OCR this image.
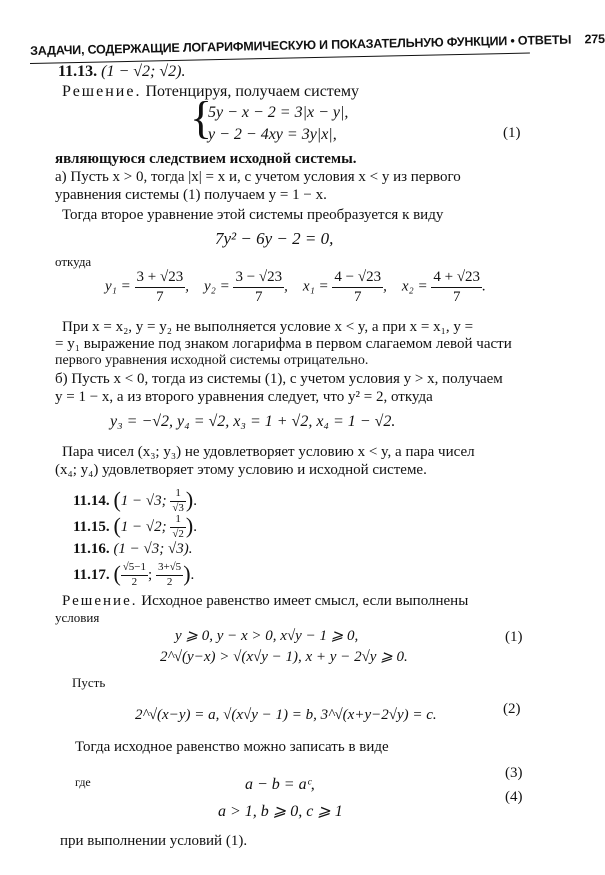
ЗАДАЧИ, СОДЕРЖАЩИЕ ЛОГАРИФМИЧЕСКУЮ И ПОКАЗАТЕЛЬНУЮ ФУНКЦИИ • ОТВЕТЫ 275
11.13. (1 − √2; √2).
Решение. Потенцируя, получаем систему
{
5y − x − 2 = 3|x − y|,
y − 2 − 4xy = 3y|x|,	(1)
являющуюся следствием исходной системы.
а) Пусть x > 0, тогда |x| = x и, с учетом условия x < y из первого
уравнения системы (1) получаем y = 1 − x.
Тогда второе уравнение этой системы преобразуется к виду
7y² − 6y − 2 = 0,
откуда
$y_1 = \frac{3 + √23}{7}$ ,    $y_2 = \frac{3 - √23}{7}$ ,    $x_1 = \frac{4 - √23}{7}$ ,    $x_2 = \frac{4 + √23}{7}$ .
При x = x₂, y = y₂ не выполняется условие x < y, а при x = x₁, y =
= y₁ выражение под знаком логарифма в первом слагаемом левой части
первого уравнения исходной системы отрицательно.
б) Пусть x < 0, тогда из системы (1), с учетом условия y > x, получаем
y = 1 − x, а из второго уравнения следует, что y² = 2, откуда
y₃ = −√2, y₄ = √2, x₃ = 1 + √2, x₄ = 1 − √2.
Пара чисел (x₃; y₃) не удовлетворяет условию x < y, а пара чисел
(x₄; y₄) удовлетворяет этому условию и исходной системе.
11.14. (1 − √3; $\frac{1}{√3}$ ).
11.15. (1 − √2; $\frac{1}{√2}$ ).
11.16. (1 − √3; √3).
11.17. ( $\frac{√5-1}{2}$ ; $\frac{3+√5}{2}$ ).
Решение. Исходное равенство имеет смысл, если выполнены
условия
y ⩾ 0, y − x > 0, x√y − 1 ⩾ 0,	(1)
2^√(y−x) > √(x√y − 1), x + y − 2√y ⩾ 0.
Пусть
2^√(x−y) = a, √(x√y − 1) = b, 3^√(x+y−2√y) = c.	(2)
Тогда исходное равенство можно записать в виде
(3)
где	a − b = aᶜ,
(4)
a > 1, b ⩾ 0, c ⩾ 1
при выполнении условий (1).
